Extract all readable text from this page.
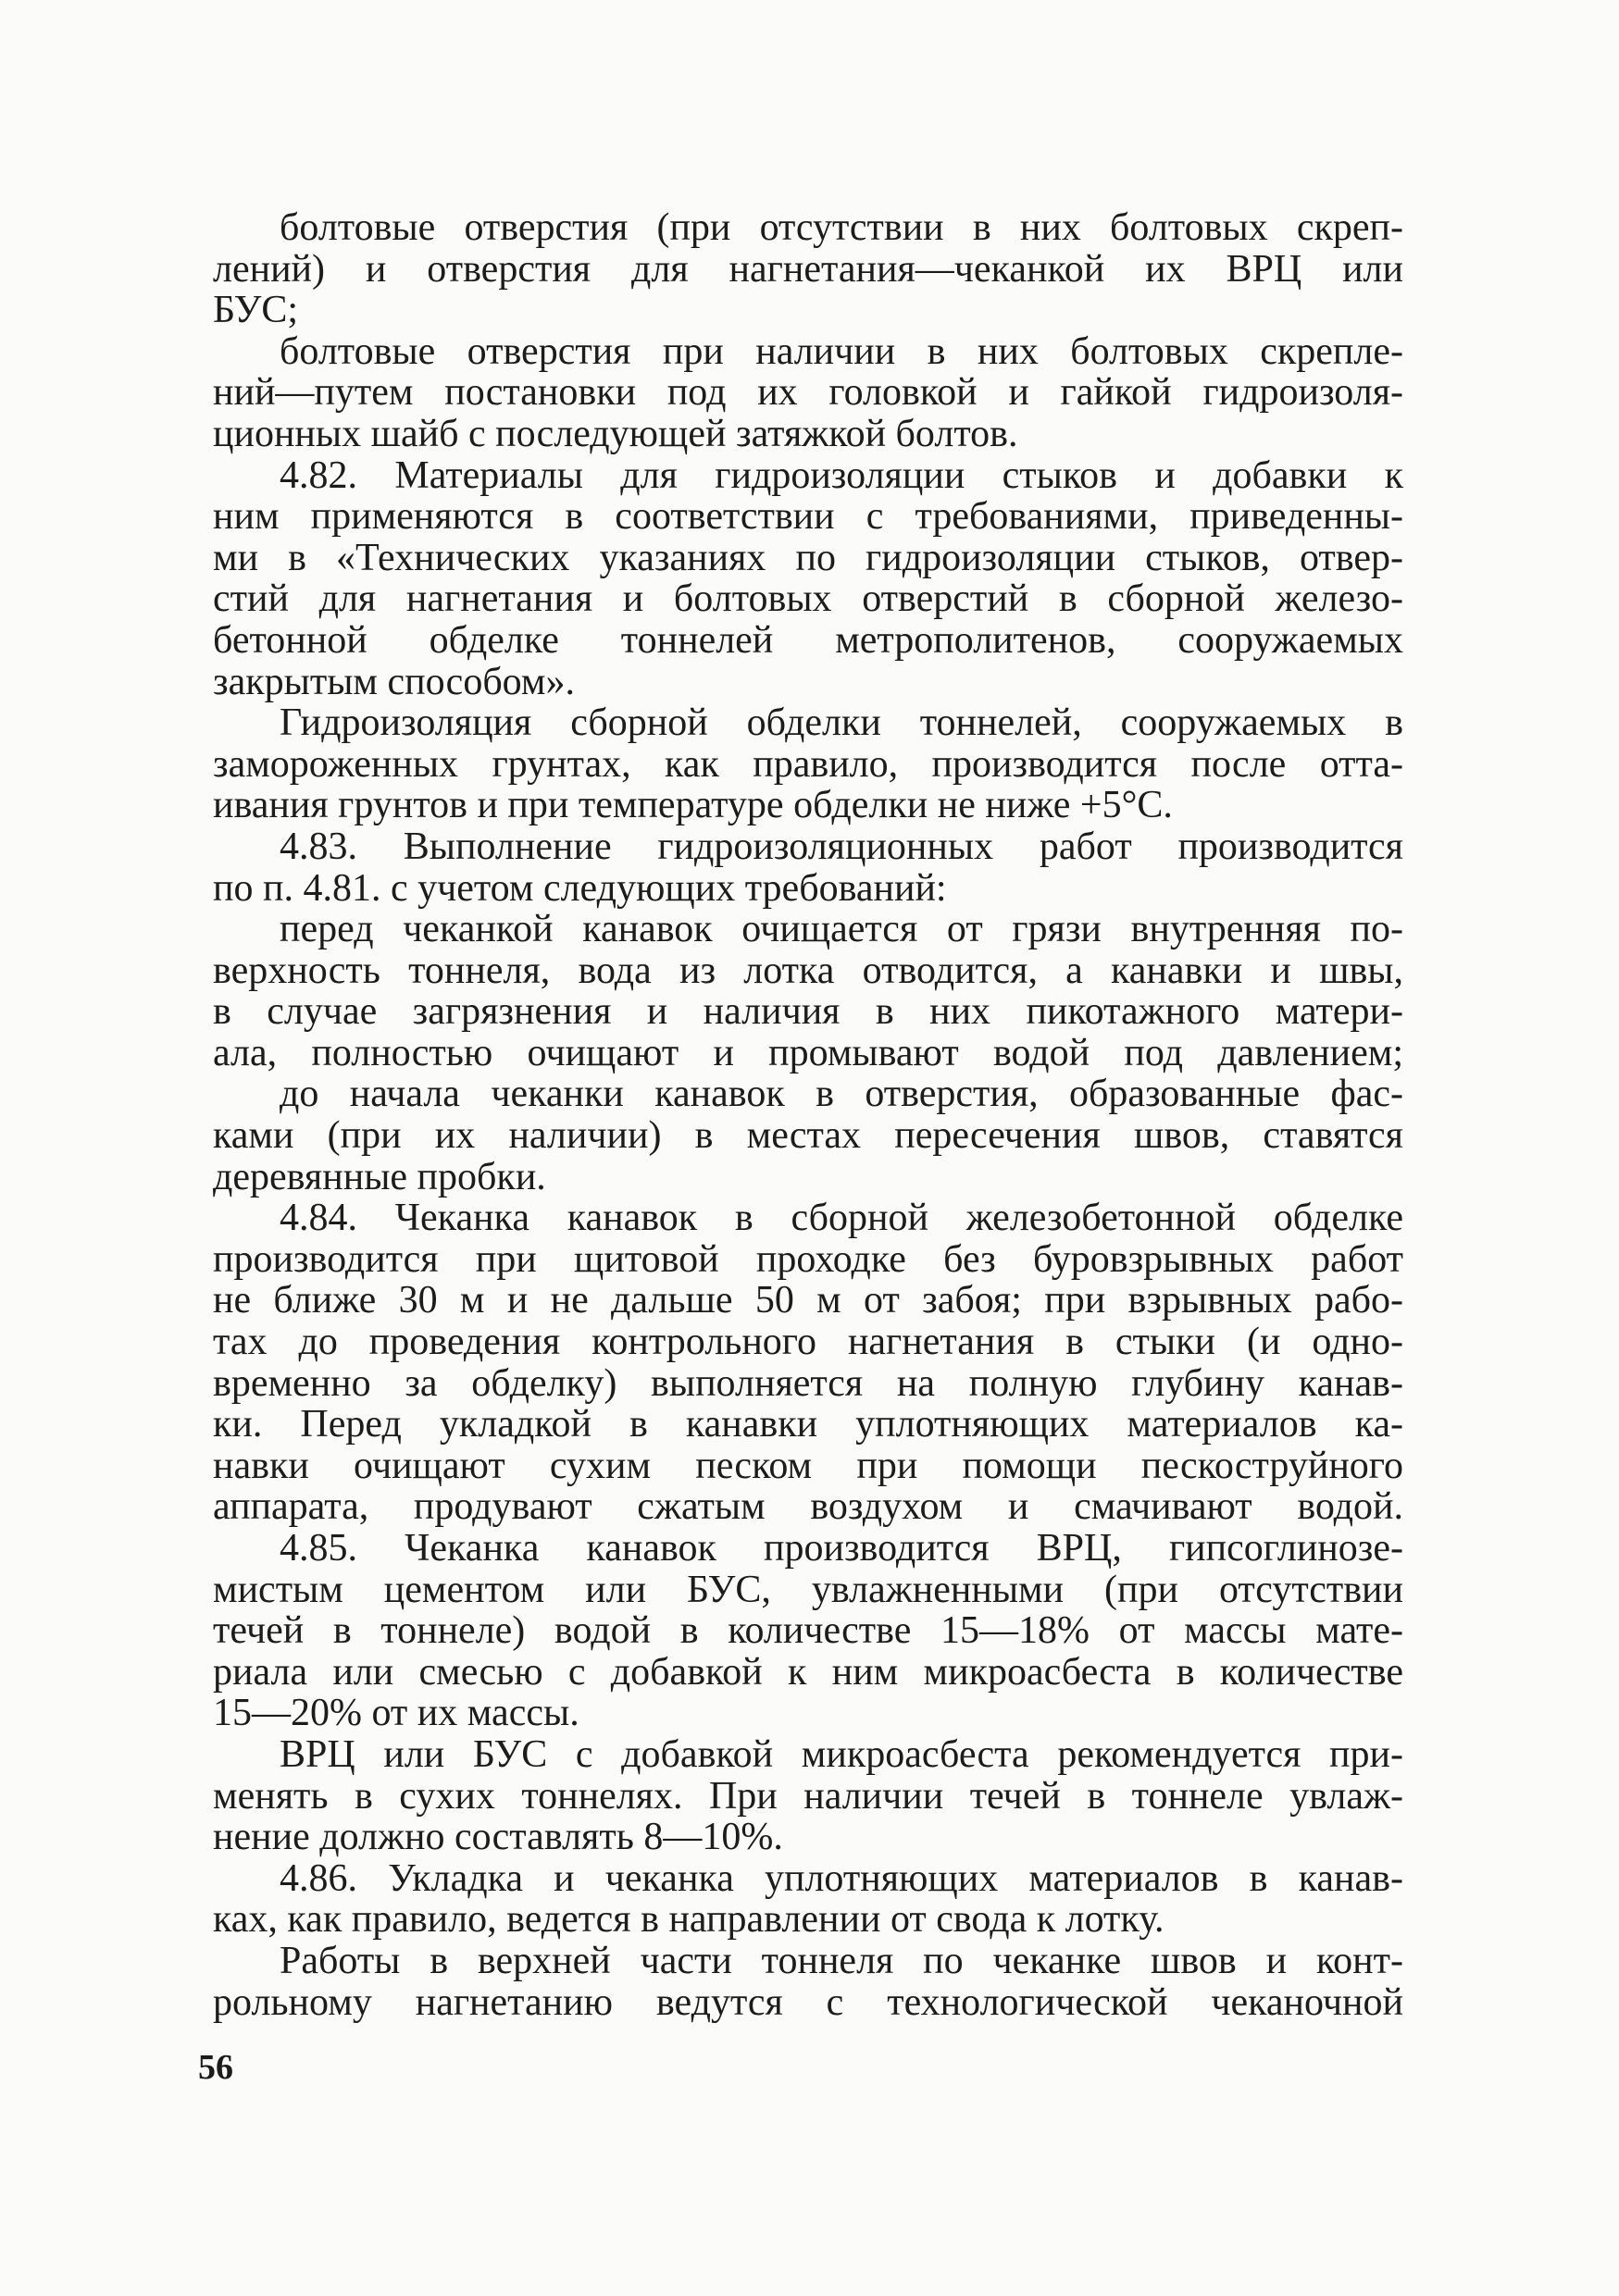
болтовые отверстия (при отсутствии в них болтовых скреп-
лений) и отверстия для нагнетания—чеканкой их ВРЦ или
БУС;
болтовые отверстия при наличии в них болтовых скрепле-
ний—путем постановки под их головкой и гайкой гидроизоля-
ционных шайб с последующей затяжкой болтов.
4.82. Материалы для гидроизоляции стыков и добавки к
ним применяются в соответствии с требованиями, приведенны-
ми в «Технических указаниях по гидроизоляции стыков, отвер-
стий для нагнетания и болтовых отверстий в сборной железо-
бетонной обделке тоннелей метрополитенов, сооружаемых
закрытым способом».
Гидроизоляция сборной обделки тоннелей, сооружаемых в
замороженных грунтах, как правило, производится после отта-
ивания грунтов и при температуре обделки не ниже +5°С.
4.83. Выполнение гидроизоляционных работ производится
по п. 4.81. с учетом следующих требований:
перед чеканкой канавок очищается от грязи внутренняя по-
верхность тоннеля, вода из лотка отводится, а канавки и швы,
в случае загрязнения и наличия в них пикотажного матери-
ала, полностью очищают и промывают водой под давлением;
до начала чеканки канавок в отверстия, образованные фас-
ками (при их наличии) в местах пересечения швов, ставятся
деревянные пробки.
4.84. Чеканка канавок в сборной железобетонной обделке
производится при щитовой проходке без буровзрывных работ
не ближе 30 м и не дальше 50 м от забоя; при взрывных рабо-
тах до проведения контрольного нагнетания в стыки (и одно-
временно за обделку) выполняется на полную глубину канав-
ки. Перед укладкой в канавки уплотняющих материалов ка-
навки очищают сухим песком при помощи пескоструйного
аппарата, продувают сжатым воздухом и смачивают водой.
4.85. Чеканка канавок производится ВРЦ, гипсоглинозе-
мистым цементом или БУС, увлажненными (при отсутствии
течей в тоннеле) водой в количестве 15—18% от массы мате-
риала или смесью с добавкой к ним микроасбеста в количестве
15—20% от их массы.
ВРЦ или БУС с добавкой микроасбеста рекомендуется при-
менять в сухих тоннелях. При наличии течей в тоннеле увлаж-
нение должно составлять 8—10%.
4.86. Укладка и чеканка уплотняющих материалов в канав-
ках, как правило, ведется в направлении от свода к лотку.
Работы в верхней части тоннеля по чеканке швов и конт-
рольному нагнетанию ведутся с технологической чеканочной
56
